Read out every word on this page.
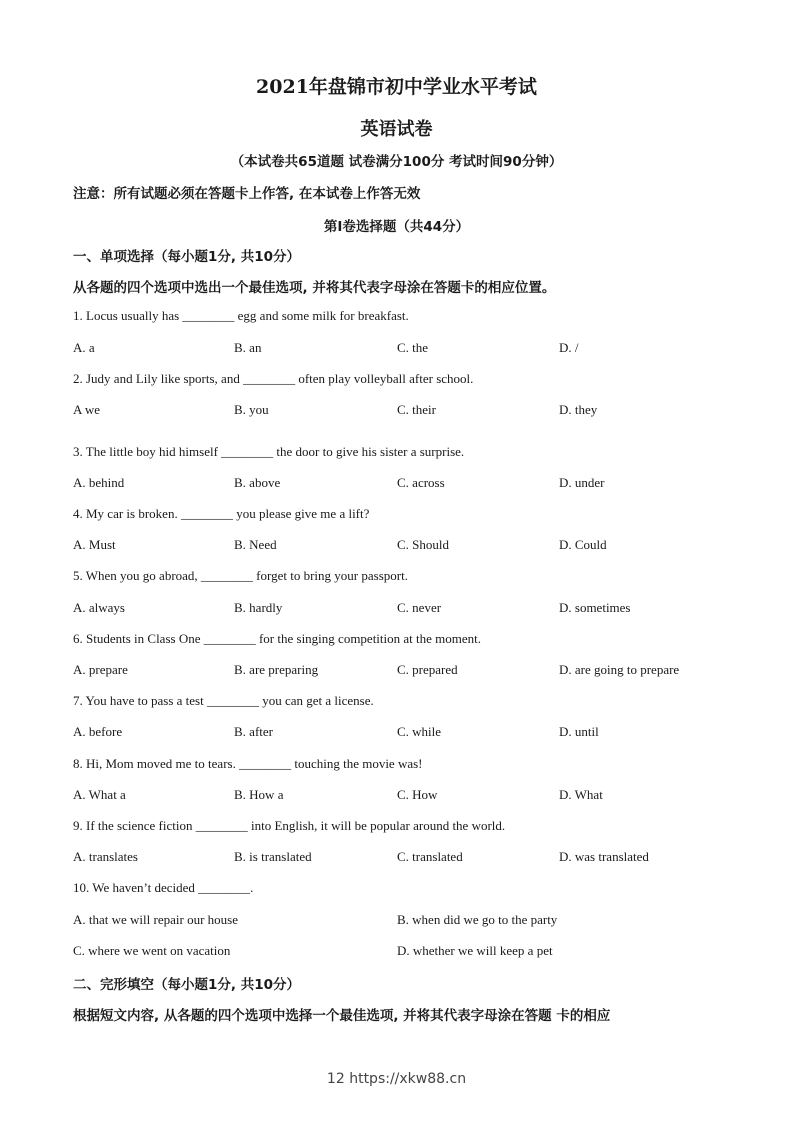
2021年盘锦市初中学业水平考试
英语试卷
（本试卷共65道题 试卷满分100分 考试时间90分钟）
注意：所有试题必须在答题卡上作答, 在本试卷上作答无效
第I卷选择题（共44分）
一、单项选择（每小题1分, 共10分）
从各题的四个选项中选出一个最佳选项, 并将其代表字母涂在答题卡的相应位置。
1. Locus usually has ________ egg and some milk for breakfast.
A. a	B. an	C. the	D. /
2. Judy and Lily like sports, and ________ often play volleyball after school.
A we	B. you	C. their	D. they
3. The little boy hid himself ________ the door to give his sister a surprise.
A. behind	B. above	C. across	D. under
4. My car is broken. ________ you please give me a lift?
A. Must	B. Need	C. Should	D. Could
5. When you go abroad, ________ forget to bring your passport.
A. always	B. hardly	C. never	D. sometimes
6. Students in Class One ________ for the singing competition at the moment.
A. prepare	B. are preparing	C. prepared	D. are going to prepare
7. You have to pass a test ________ you can get a license.
A. before	B. after	C. while	D. until
8. Hi, Mom moved me to tears. ________ touching the movie was!
A. What a	B. How a	C. How	D. What
9. If the science fiction ________ into English, it will be popular around the world.
A. translates	B. is translated	C. translated	D. was translated
10. We haven’t decided ________.
A. that we will repair our house	B. when did we go to the party
C. where we went on vacation	D. whether we will keep a pet
二、完形填空（每小题1分, 共10分）
根据短文内容, 从各题的四个选项中选择一个最佳选项, 并将其代表字母涂在答题 卡的相应
12 https://xkw88.cn
